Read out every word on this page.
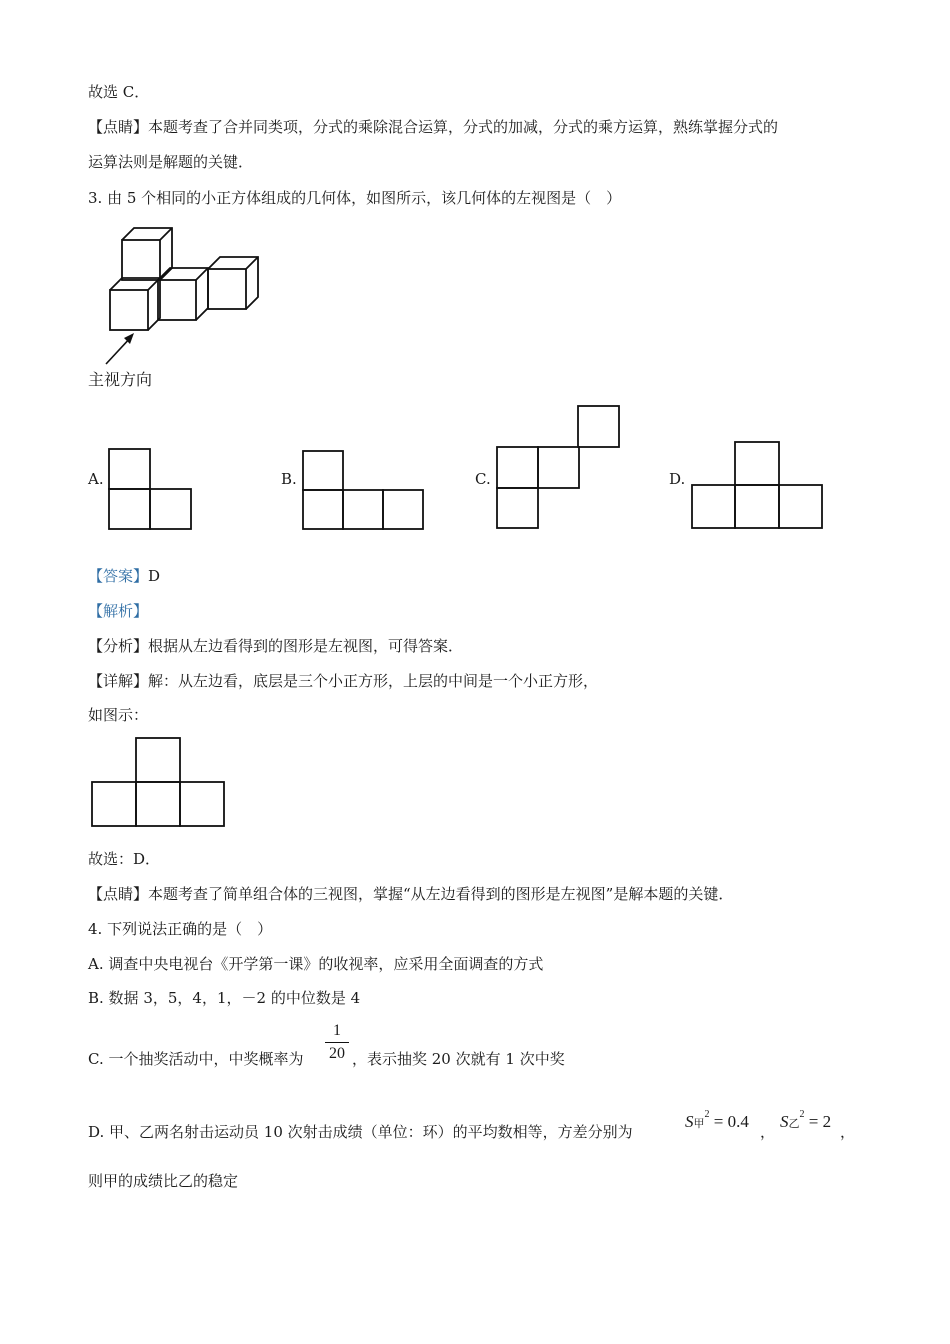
故选 C．
【点睛】本题考查了合并同类项，分式的乘除混合运算，分式的加减，分式的乘方运算，熟练掌握分式的
运算法则是解题的关键．
3. 由 5 个相同的小正方体组成的几何体，如图所示，该几何体的左视图是（　）
主视方向
A.	B.	C.	D.
【答案】D
【解析】
【分析】根据从左边看得到的图形是左视图，可得答案．
【详解】解：从左边看，底层是三个小正方形，上层的中间是一个小正方形，
如图示：
故选：D．
【点睛】本题考查了简单组合体的三视图，掌握“从左边看得到的图形是左视图”是解本题的关键．
4. 下列说法正确的是（　）
A. 调查中央电视台《开学第一课》的收视率，应采用全面调查的方式
B. 数据 3，5，4，1，－2 的中位数是 4
C. 一个抽奖活动中，中奖概率为
1
20 ，表示抽奖 20 次就有 1 次中奖
D. 甲、乙两名射击运动员 10 次射击成绩（单位：环）的平均数相等，方差分别为
S甲$^2$ = 0.4
，
S乙$^2$ = 2
，
则甲的成绩比乙的稳定
